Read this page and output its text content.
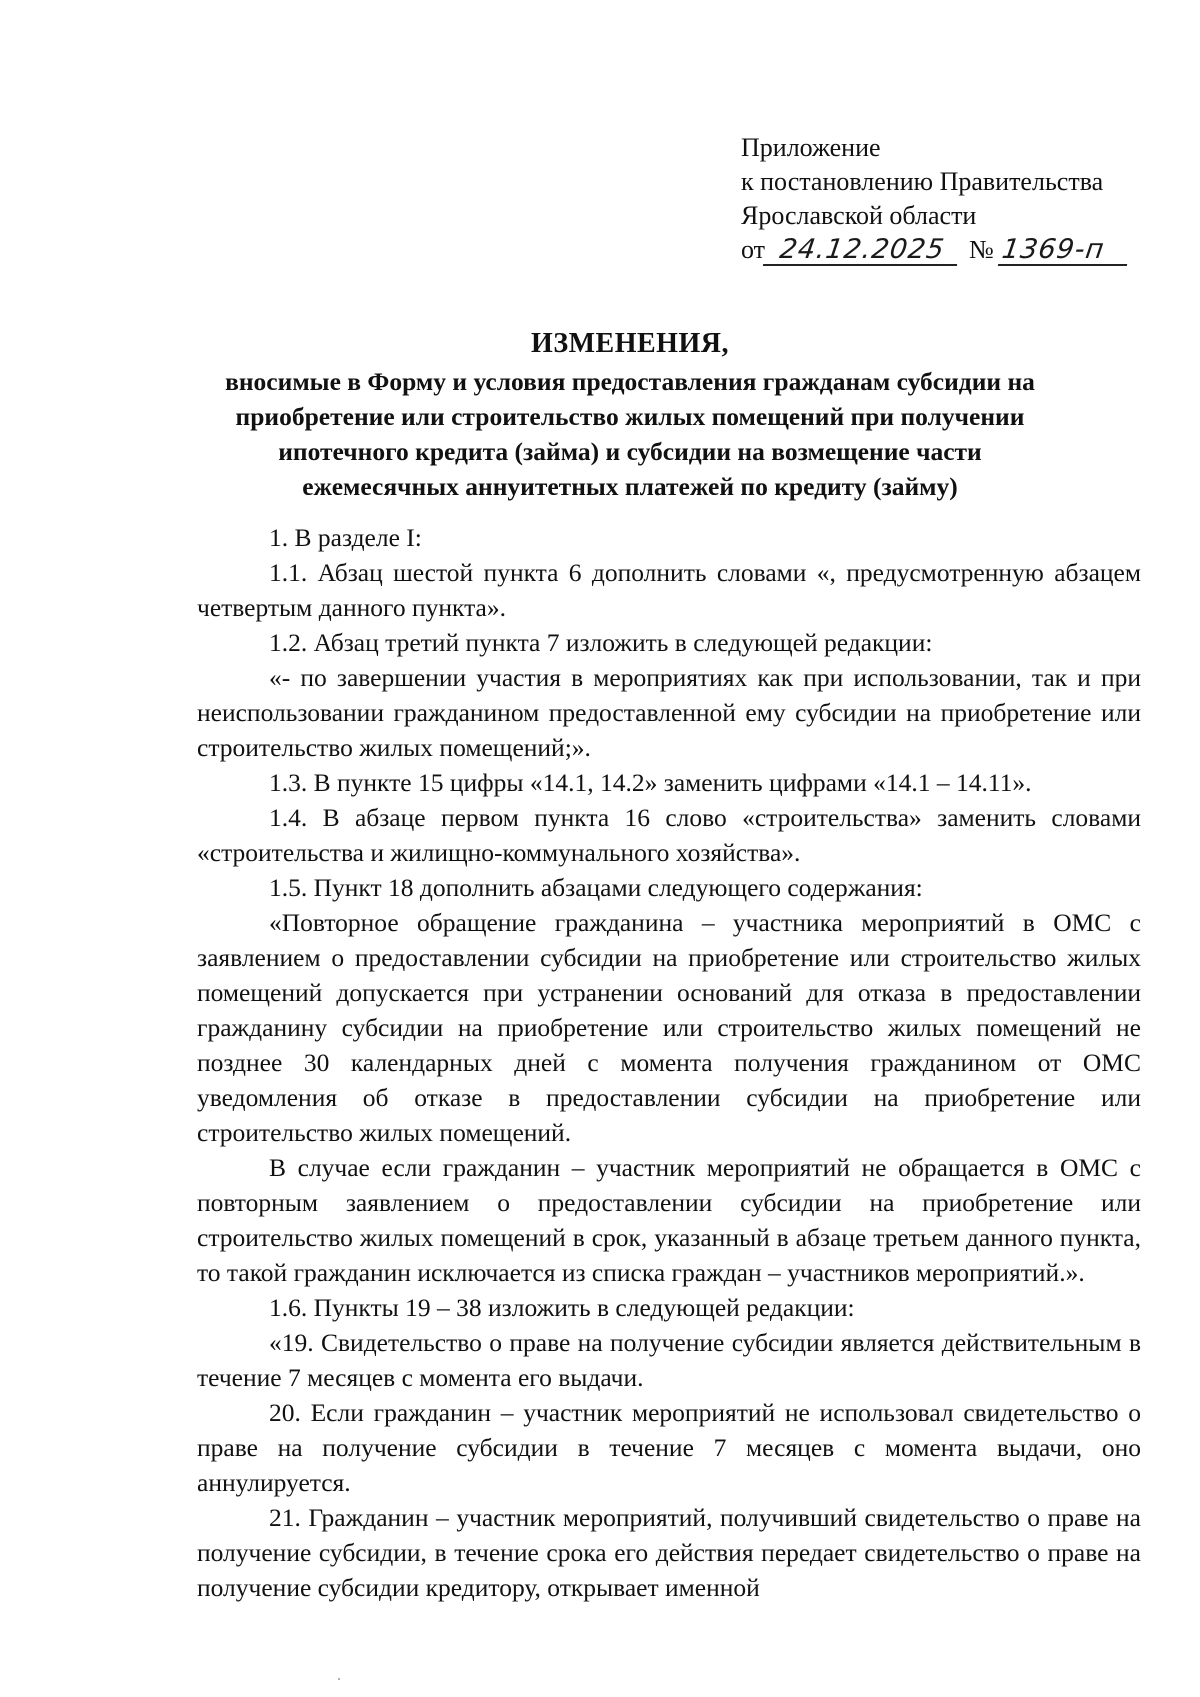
Приложение
к постановлению Правительства
Ярославской области
от 24.12.2025 № 1369-п
ИЗМЕНЕНИЯ,
вносимые в Форму и условия предоставления гражданам субсидии на
приобретение или строительство жилых помещений при получении
ипотечного кредита (займа) и субсидии на возмещение части
ежемесячных аннуитетных платежей по кредиту (займу)

1. В разделе I:

1.1. Абзац шестой пункта 6 дополнить словами «, предусмотренную абзацем четвертым данного пункта».

1.2. Абзац третий пункта 7 изложить в следующей редакции:

«- по завершении участия в мероприятиях как при использовании, так и при неиспользовании гражданином предоставленной ему субсидии на приобретение или строительство жилых помещений;».

1.3. В пункте 15 цифры «14.1, 14.2» заменить цифрами «14.1 – 14.11».

1.4. В абзаце первом пункта 16 слово «строительства» заменить словами «строительства и жилищно-коммунального хозяйства».

1.5. Пункт 18 дополнить абзацами следующего содержания:

«Повторное обращение гражданина – участника мероприятий в ОМС с заявлением о предоставлении субсидии на приобретение или строительство жилых помещений допускается при устранении оснований для отказа в предоставлении гражданину субсидии на приобретение или строительство жилых помещений не позднее 30 календарных дней с момента получения гражданином от ОМС уведомления об отказе в предоставлении субсидии на приобретение или строительство жилых помещений.

В случае если гражданин – участник мероприятий не обращается в ОМС с повторным заявлением о предоставлении субсидии на приобретение или строительство жилых помещений в срок, указанный в абзаце третьем данного пункта, то такой гражданин исключается из списка граждан – участников мероприятий.».

1.6. Пункты 19 – 38 изложить в следующей редакции:

«19. Свидетельство о праве на получение субсидии является действительным в течение 7 месяцев с момента его выдачи.

20. Если гражданин – участник мероприятий не использовал свидетельство о праве на получение субсидии в течение 7 месяцев с момента выдачи, оно аннулируется.

21. Гражданин – участник мероприятий, получивший свидетельство о праве на получение субсидии, в течение срока его действия передает свидетельство о праве на получение субсидии кредитору, открывает именной
